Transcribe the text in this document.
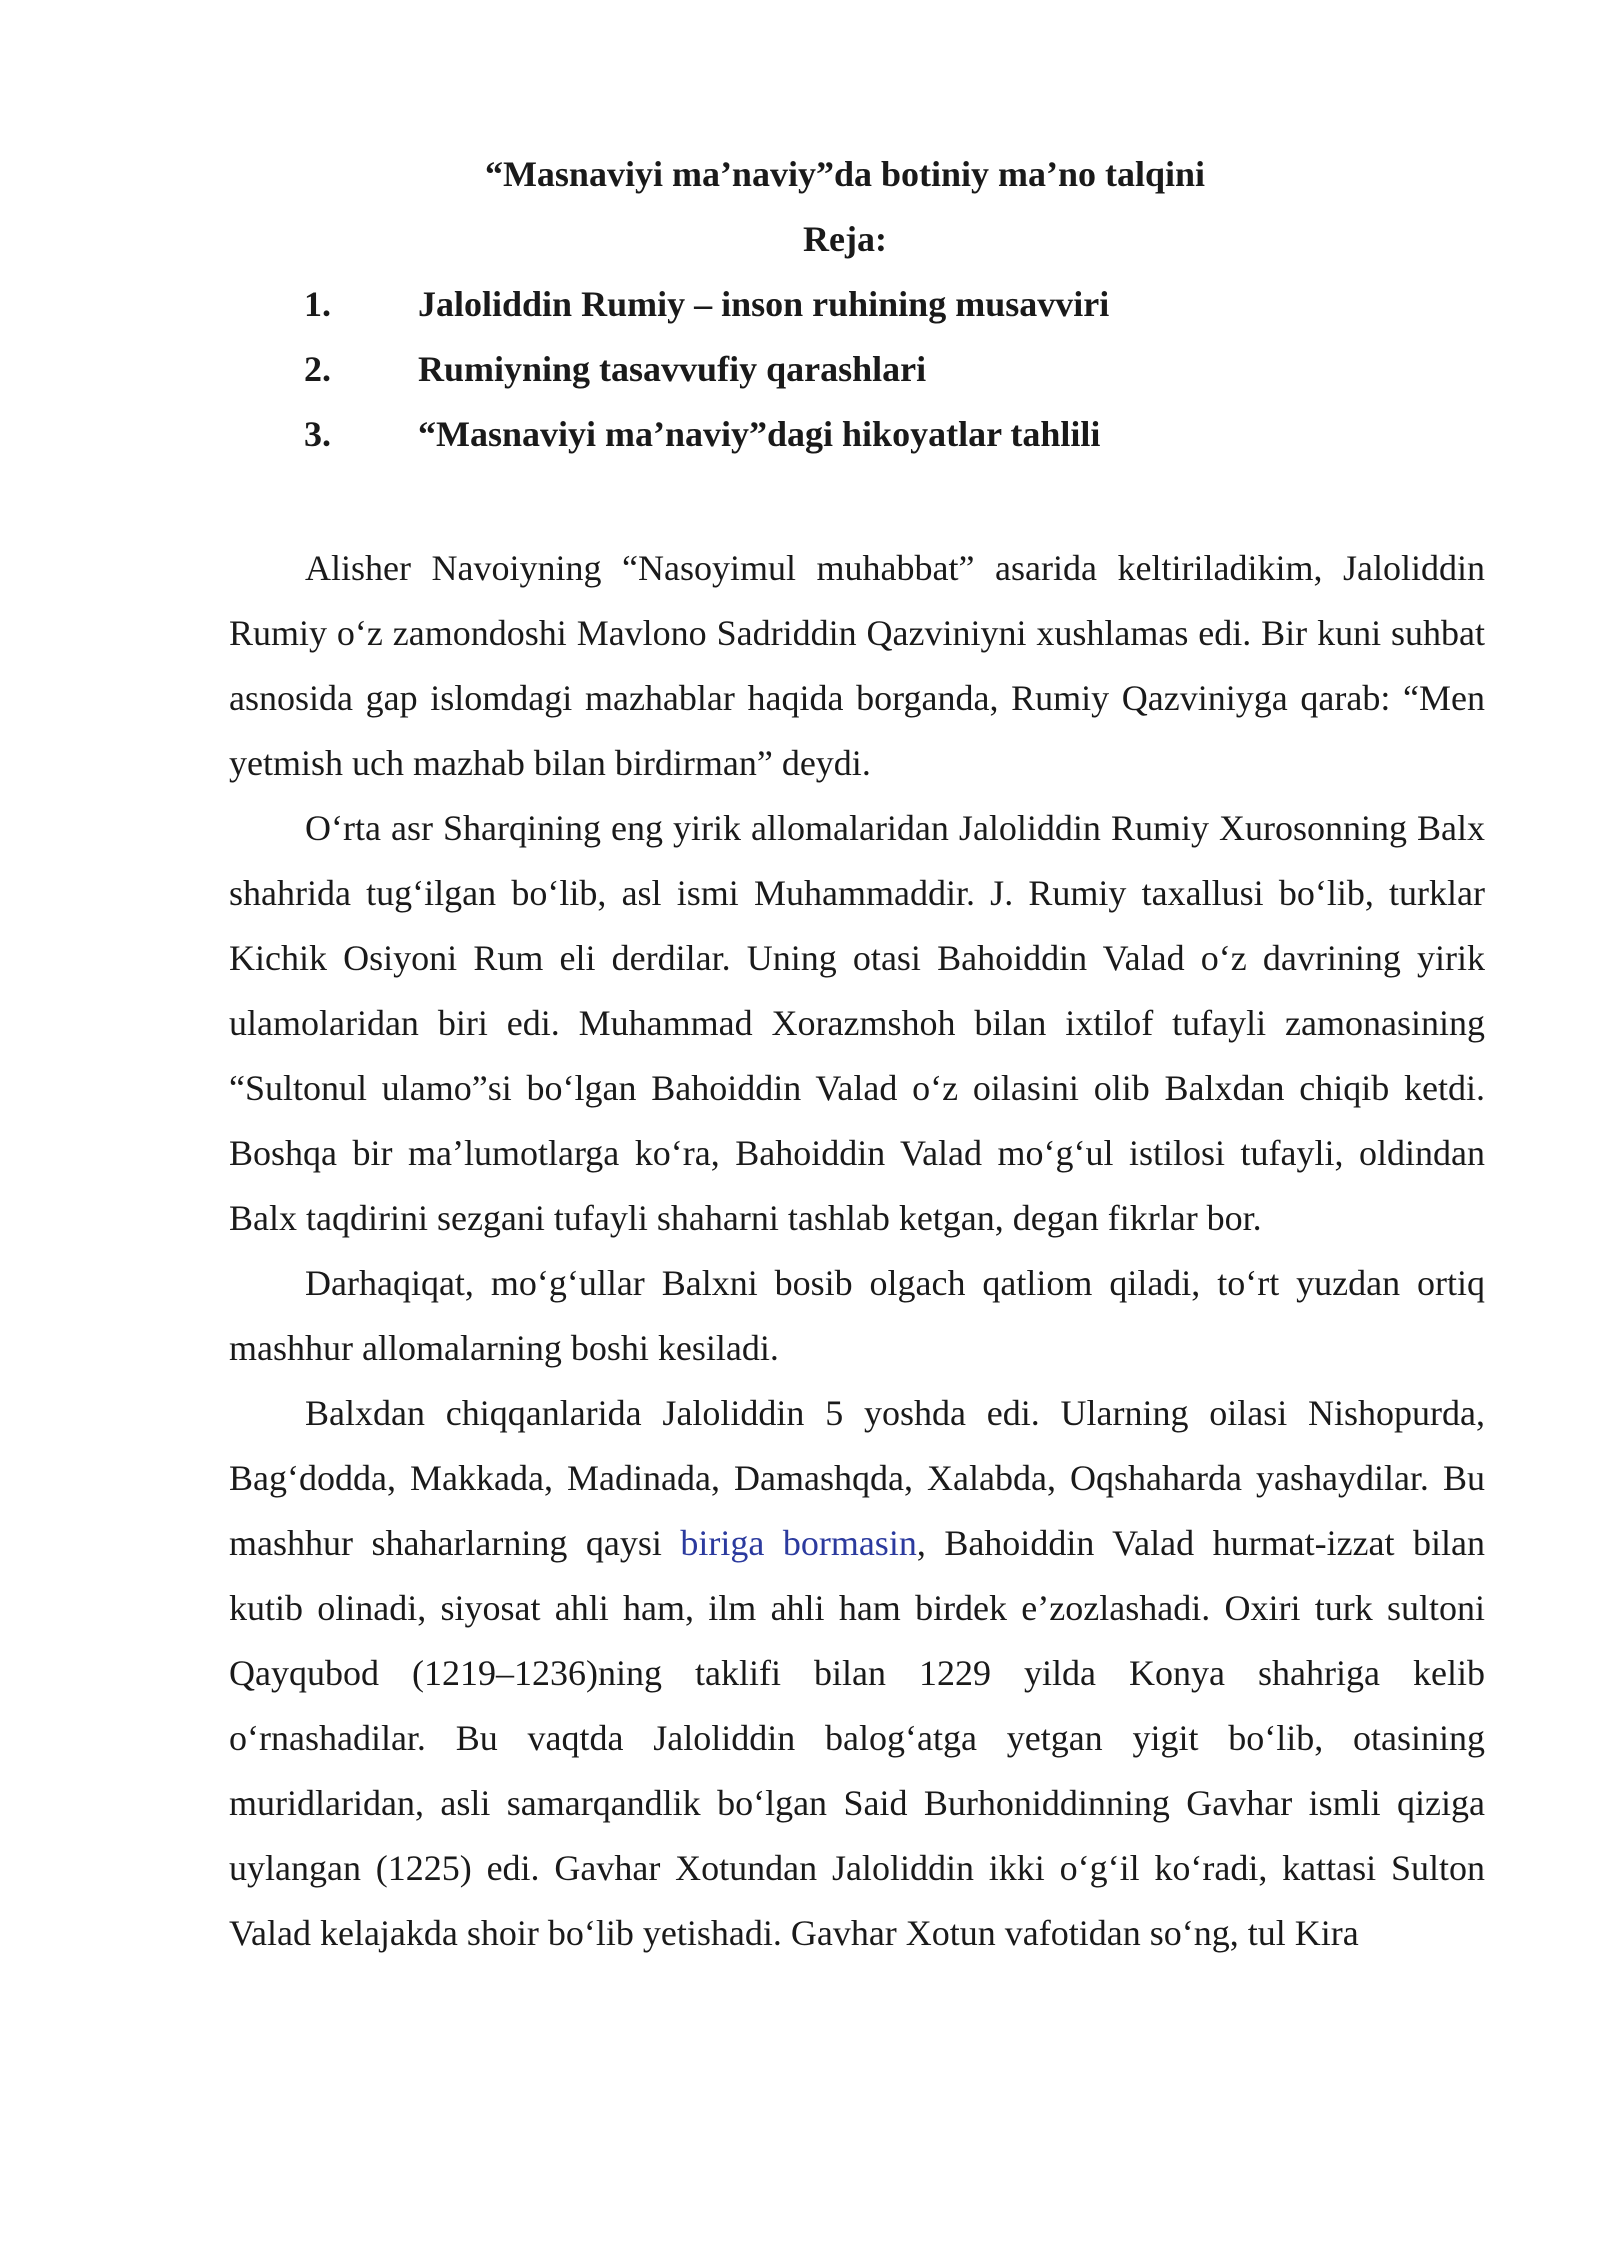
“Masnaviyi ma’naviy”da botiniy ma’no talqini
Reja:
1. Jaloliddin Rumiy – inson ruhining musavviri
2. Rumiyning tasavvufiy qarashlari
3. “Masnaviyi ma’naviy”dagi hikoyatlar tahlili

Alisher Navoiyning “Nasoyimul muhabbat” asarida keltiriladikim, Jaloliddin Rumiy oʻz zamondoshi Mavlono Sadriddin Qazviniyni xushlamas edi. Bir kuni suhbat asnosida gap islomdagi mazhablar haqida borganda, Rumiy Qazviniyga qarab: “Men yetmish uch mazhab bilan birdirman” deydi.

Oʻrta asr Sharqining eng yirik allomalaridan Jaloliddin Rumiy Xurosonning Balx shahrida tugʻilgan boʻlib, asl ismi Muhammaddir. J. Rumiy taxallusi boʻlib, turklar Kichik Osiyoni Rum eli derdilar. Uning otasi Bahoiddin Valad oʻz davrining yirik ulamolaridan biri edi. Muhammad Xorazmshoh bilan ixtilof tufayli zamonasining “Sultonul ulamo”si boʻlgan Bahoiddin Valad oʻz oilasini olib Balxdan chiqib ketdi. Boshqa bir maʼlumotlarga koʻra, Bahoiddin Valad moʻgʻul istilosi tufayli, oldindan Balx taqdirini sezgani tufayli shaharni tashlab ketgan, degan fikrlar bor.

Darhaqiqat, moʻgʻullar Balxni bosib olgach qatliom qiladi, toʻrt yuzdan ortiq mashhur allomalarning boshi kesiladi.

Balxdan chiqqanlarida Jaloliddin 5 yoshda edi. Ularning oilasi Nishopurda, Bagʻdodda, Makkada, Madinada, Damashqda, Xalabda, Oqshaharda yashaydilar. Bu mashhur shaharlarning qaysi biriga bormasin, Bahoiddin Valad hurmat-izzat bilan kutib olinadi, siyosat ahli ham, ilm ahli ham birdek e’zozlashadi. Oxiri turk sultoni Qayqubod (1219–1236)ning taklifi bilan 1229 yilda Konya shahriga kelib oʻrnashadilar. Bu vaqtda Jaloliddin balogʻatga yetgan yigit boʻlib, otasining muridlaridan, asli samarqandlik boʻlgan Said Burhoniddinning Gavhar ismli qiziga uylangan (1225) edi. Gavhar Xotundan Jaloliddin ikki oʻgʻil koʻradi, kattasi Sulton Valad kelajakda shoir boʻlib yetishadi. Gavhar Xotun vafotidan soʻng, tul Kira
